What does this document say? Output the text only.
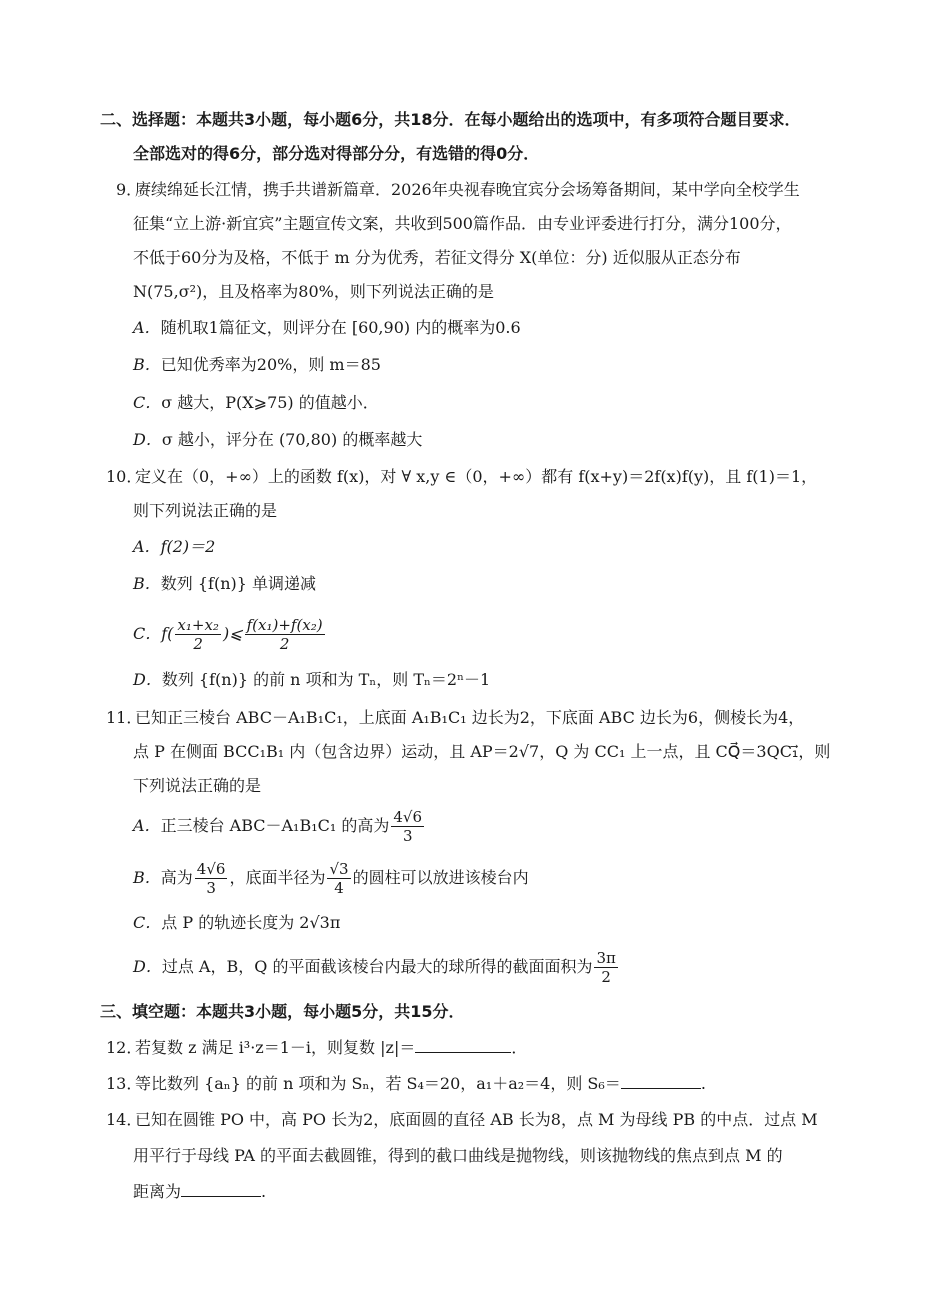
二、选择题：本题共3小题，每小题6分，共18分．在每小题给出的选项中，有多项符合题目要求．
全部选对的得6分，部分选对得部分分，有选错的得0分．
9．
赓续绵延长江情，携手共谱新篇章．2026年央视春晚宜宾分会场筹备期间，某中学向全校学生
征集“立上游·新宜宾”主题宣传文案，共收到500篇作品．由专业评委进行打分，满分100分，
不低于60分为及格，不低于 m 分为优秀，若征文得分 X(单位：分) 近似服从正态分布
N(75,σ²)，且及格率为80%，则下列说法正确的是
A．随机取1篇征文，则评分在 [60,90) 内的概率为0.6
B．已知优秀率为20%，则 m＝85
C．σ 越大，P(X⩾75) 的值越小．
D．σ 越小，评分在 (70,80) 的概率越大
10．
定义在（0，+∞）上的函数 f(x)，对 ∀ x,y ∈（0，+∞）都有 f(x+y)＝2f(x)f(y)，且 f(1)＝1，
则下列说法正确的是
A．f(2)＝2
B．数列 {f(n)} 单调递减
C．$f( \frac{\text{x₁+x₂}}{2}$ )⩽ $\frac{\text{f(x₁)+f(x₂)}}{2}$
D．数列 {f(n)} 的前 n 项和为 Tₙ，则 Tₙ＝2ⁿ－1
11．
已知正三棱台 ABC－A₁B₁C₁，上底面 A₁B₁C₁ 边长为2，下底面 ABC 边长为6，侧棱长为4，
点 P 在侧面 BCC₁B₁ 内（包含边界）运动，且 AP＝2√7，Q 为 CC₁ 上一点，且 CQ⃗＝3QC₁⃗，则
下列说法正确的是
A．正三棱台 ABC－A₁B₁C₁ 的高为 $\frac{4√6}{3}$
B．高为 $\frac{4√6}{3}$ ，底面半径为 $\frac{√3}{4}$ 的圆柱可以放进该棱台内
C．点 P 的轨迹长度为 2√3π
D．过点 A，B，Q 的平面截该棱台内最大的球所得的截面面积为 $\frac{3\pi}{2}$
三、填空题：本题共3小题，每小题5分，共15分．
12．
若复数 z 满足 i³·z＝1－i，则复数 |z|＝	．
13．
等比数列 {aₙ} 的前 n 项和为 Sₙ，若 S₄＝20，a₁＋a₂＝4，则 S₆＝	.
14．
已知在圆锥 PO 中，高 PO 长为2，底面圆的直径 AB 长为8，点 M 为母线 PB 的中点．过点 M
用平行于母线 PA 的平面去截圆锥，得到的截口曲线是抛物线，则该抛物线的焦点到点 M 的
距离为	.
